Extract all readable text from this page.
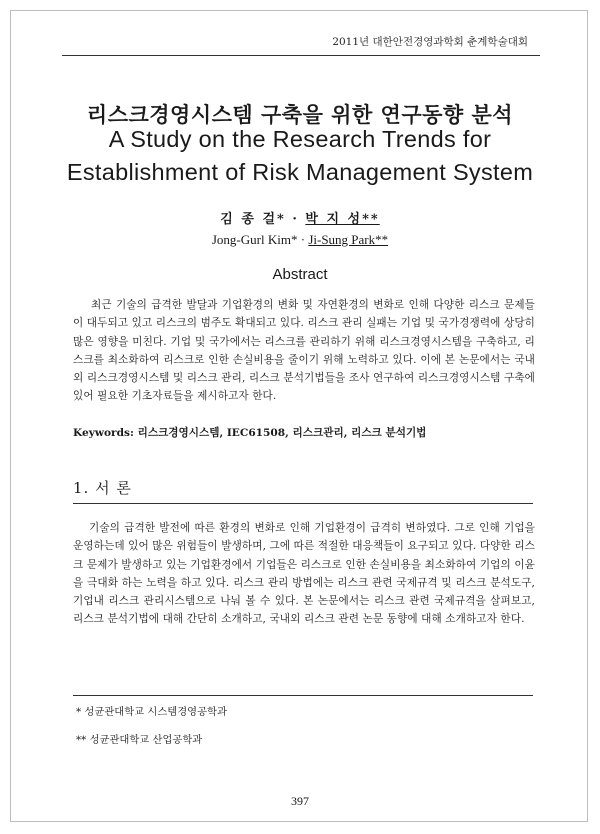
2011년 대한안전경영과학회 춘계학술대회
리스크경영시스템 구축을 위한 연구동향 분석
A Study on the Research Trends for
Establishment of Risk Management System
김 종 걸* · 박 지 성**
Jong-Gurl Kim* · Ji-Sung Park**
Abstract
최근 기술의 급격한 발달과 기업환경의 변화 및 자연환경의 변화로 인해 다양한 리스크 문제들이 대두되고 있고 리스크의 범주도 확대되고 있다. 리스크 관리 실패는 기업 및 국가경쟁력에 상당히 많은 영향을 미친다. 기업 및 국가에서는 리스크를 관리하기 위해 리스크경영시스템을 구축하고, 리스크를 최소화하여 리스크로 인한 손실비용을 줄이기 위해 노력하고 있다. 이에 본 논문에서는 국내외 리스크경영시스템 및 리스크 관리, 리스크 분석기법들을 조사 연구하여 리스크경영시스템 구축에 있어 필요한 기초자료들을 제시하고자 한다.
Keywords: 리스크경영시스템, IEC61508, 리스크관리, 리스크 분석기법
1. 서 론
기술의 급격한 발전에 따른 환경의 변화로 인해 기업환경이 급격히 변하였다. 그로 인해 기업을 운영하는데 있어 많은 위험들이 발생하며, 그에 따른 적절한 대응책들이 요구되고 있다. 다양한 리스크 문제가 발생하고 있는 기업환경에서 기업들은 리스크로 인한 손실비용을 최소화하여 기업의 이윤을 극대화 하는 노력을 하고 있다. 리스크 관리 방법에는 리스크 관련 국제규격 및 리스크 분석도구, 기업내 리스크 관리시스템으로 나눠 볼 수 있다. 본 논문에서는 리스크 관련 국제규격을 살펴보고, 리스크 분석기법에 대해 간단히 소개하고, 국내외 리스크 관련 논문 동향에 대해 소개하고자 한다.
* 성균관대학교 시스템경영공학과
** 성균관대학교 산업공학과
397
